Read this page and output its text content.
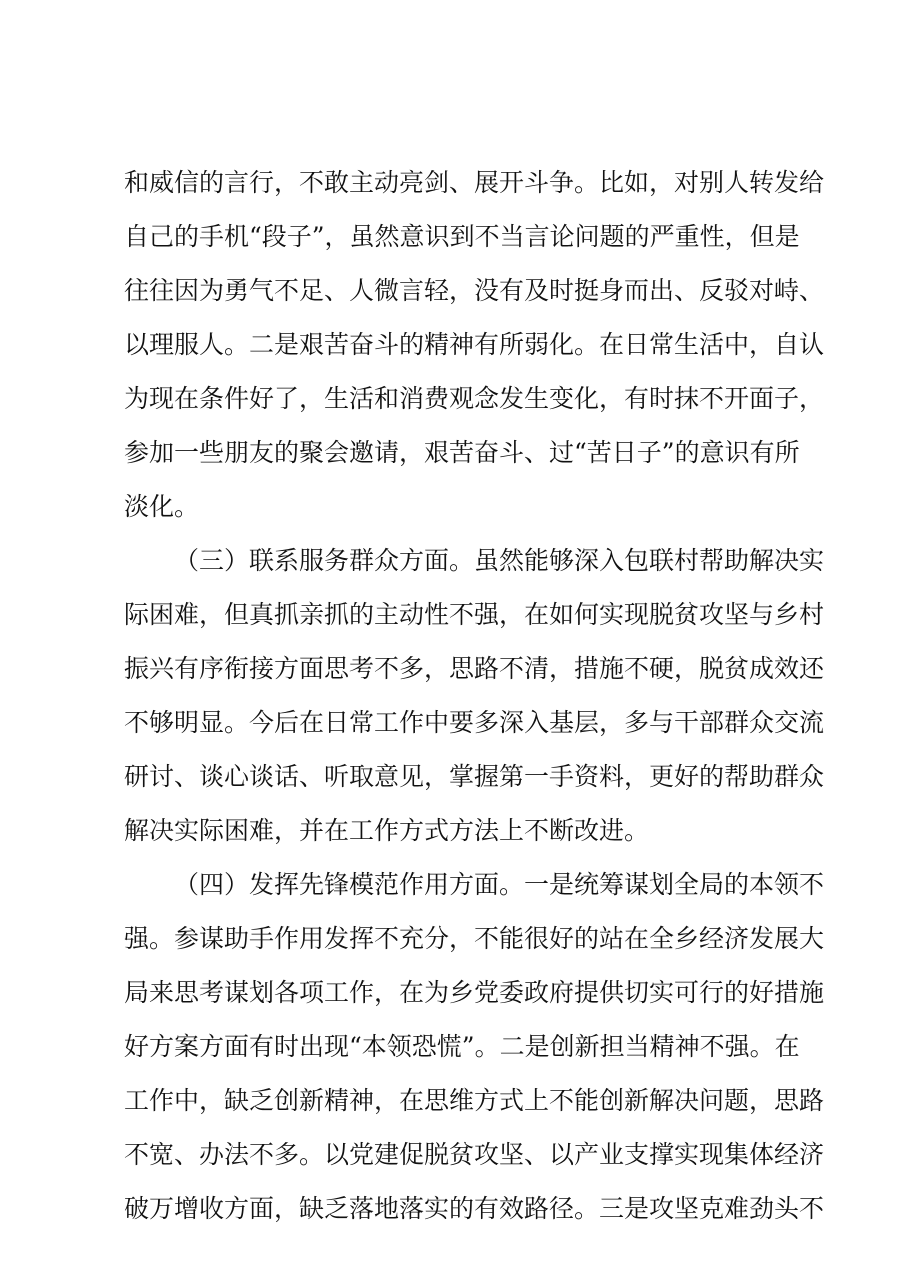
和威信的言行，不敢主动亮剑、展开斗争。比如，对别人转发给
自己的手机“段子”，虽然意识到不当言论问题的严重性，但是
往往因为勇气不足、人微言轻，没有及时挺身而出、反驳对峙、
以理服人。二是艰苦奋斗的精神有所弱化。在日常生活中，自认
为现在条件好了，生活和消费观念发生变化，有时抹不开面子，
参加一些朋友的聚会邀请，艰苦奋斗、过“苦日子”的意识有所
淡化。
（三）联系服务群众方面。虽然能够深入包联村帮助解决实
际困难，但真抓亲抓的主动性不强，在如何实现脱贫攻坚与乡村
振兴有序衔接方面思考不多，思路不清，措施不硬，脱贫成效还
不够明显。今后在日常工作中要多深入基层，多与干部群众交流
研讨、谈心谈话、听取意见，掌握第一手资料，更好的帮助群众
解决实际困难，并在工作方式方法上不断改进。
（四）发挥先锋模范作用方面。一是统筹谋划全局的本领不
强。参谋助手作用发挥不充分，不能很好的站在全乡经济发展大
局来思考谋划各项工作，在为乡党委政府提供切实可行的好措施
好方案方面有时出现“本领恐慌”。二是创新担当精神不强。在
工作中，缺乏创新精神，在思维方式上不能创新解决问题，思路
不宽、办法不多。以党建促脱贫攻坚、以产业支撑实现集体经济
破万增收方面，缺乏落地落实的有效路径。三是攻坚克难劲头不
